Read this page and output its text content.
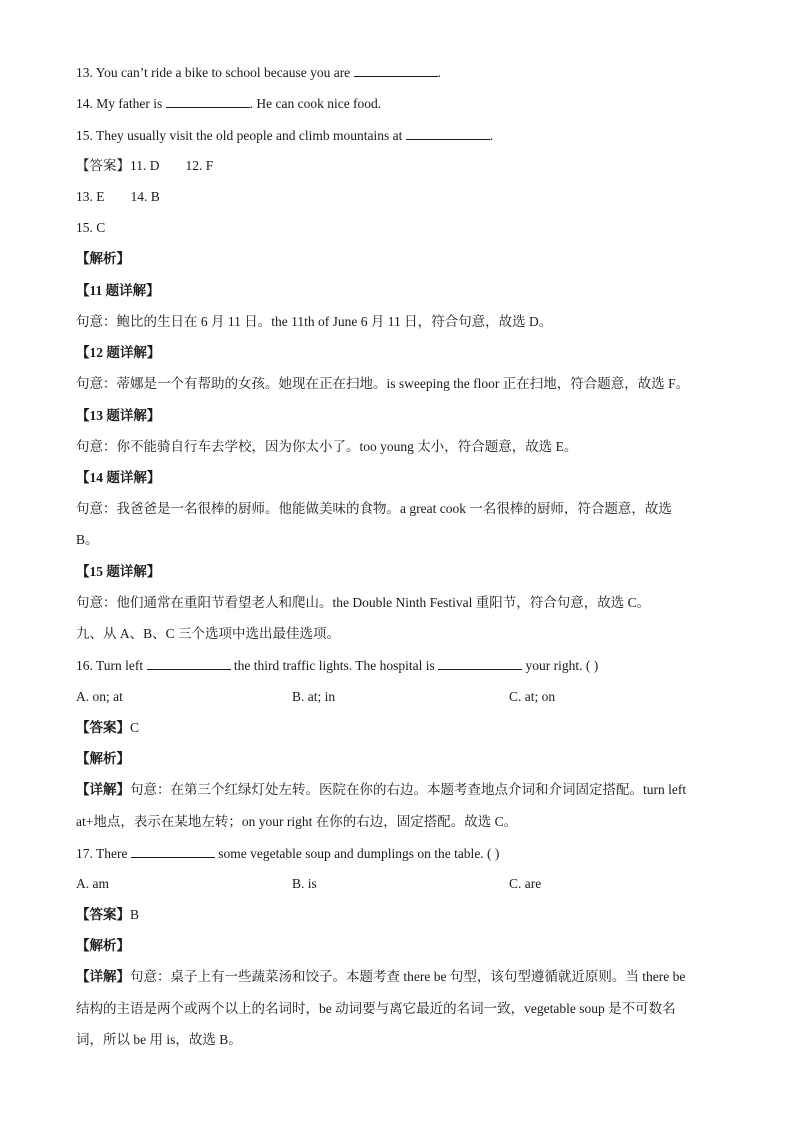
13. You can’t ride a bike to school because you are	.
14. My father is	. He can cook nice food.
15. They usually visit the old people and climb mountains at	.
【答案】11. D 12. F
13. E 14. B
15. C
【解析】
【11 题详解】
句意：鲍比的生日在 6 月 11 日。the 11th of June 6 月 11 日，符合句意，故选 D。
【12 题详解】
句意：蒂娜是一个有帮助的女孩。她现在正在扫地。is sweeping the floor 正在扫地，符合题意，故选 F。
【13 题详解】
句意：你不能骑自行车去学校，因为你太小了。too young 太小，符合题意，故选 E。
【14 题详解】
句意：我爸爸是一名很棒的厨师。他能做美味的食物。a great cook 一名很棒的厨师，符合题意，故选
B。
【15 题详解】
句意：他们通常在重阳节看望老人和爬山。the Double Ninth Festival 重阳节，符合句意，故选 C。
九、从 A、B、C 三个选项中选出最佳选项。
16. Turn left	the third traffic lights. The hospital is	your right. ( )
A. on; at	B. at; in	C. at; on
【答案】C
【解析】
【详解】句意：在第三个红绿灯处左转。医院在你的右边。本题考查地点介词和介词固定搭配。turn left
at+地点，表示在某地左转；on your right 在你的右边，固定搭配。故选 C。
17. There	some vegetable soup and dumplings on the table. ( )
A. am	B. is	C. are
【答案】B
【解析】
【详解】句意：桌子上有一些蔬菜汤和饺子。本题考查 there be 句型，该句型遵循就近原则。当 there be
结构的主语是两个或两个以上的名词时，be 动词要与离它最近的名词一致，vegetable soup 是不可数名
词，所以 be 用 is，故选 B。
